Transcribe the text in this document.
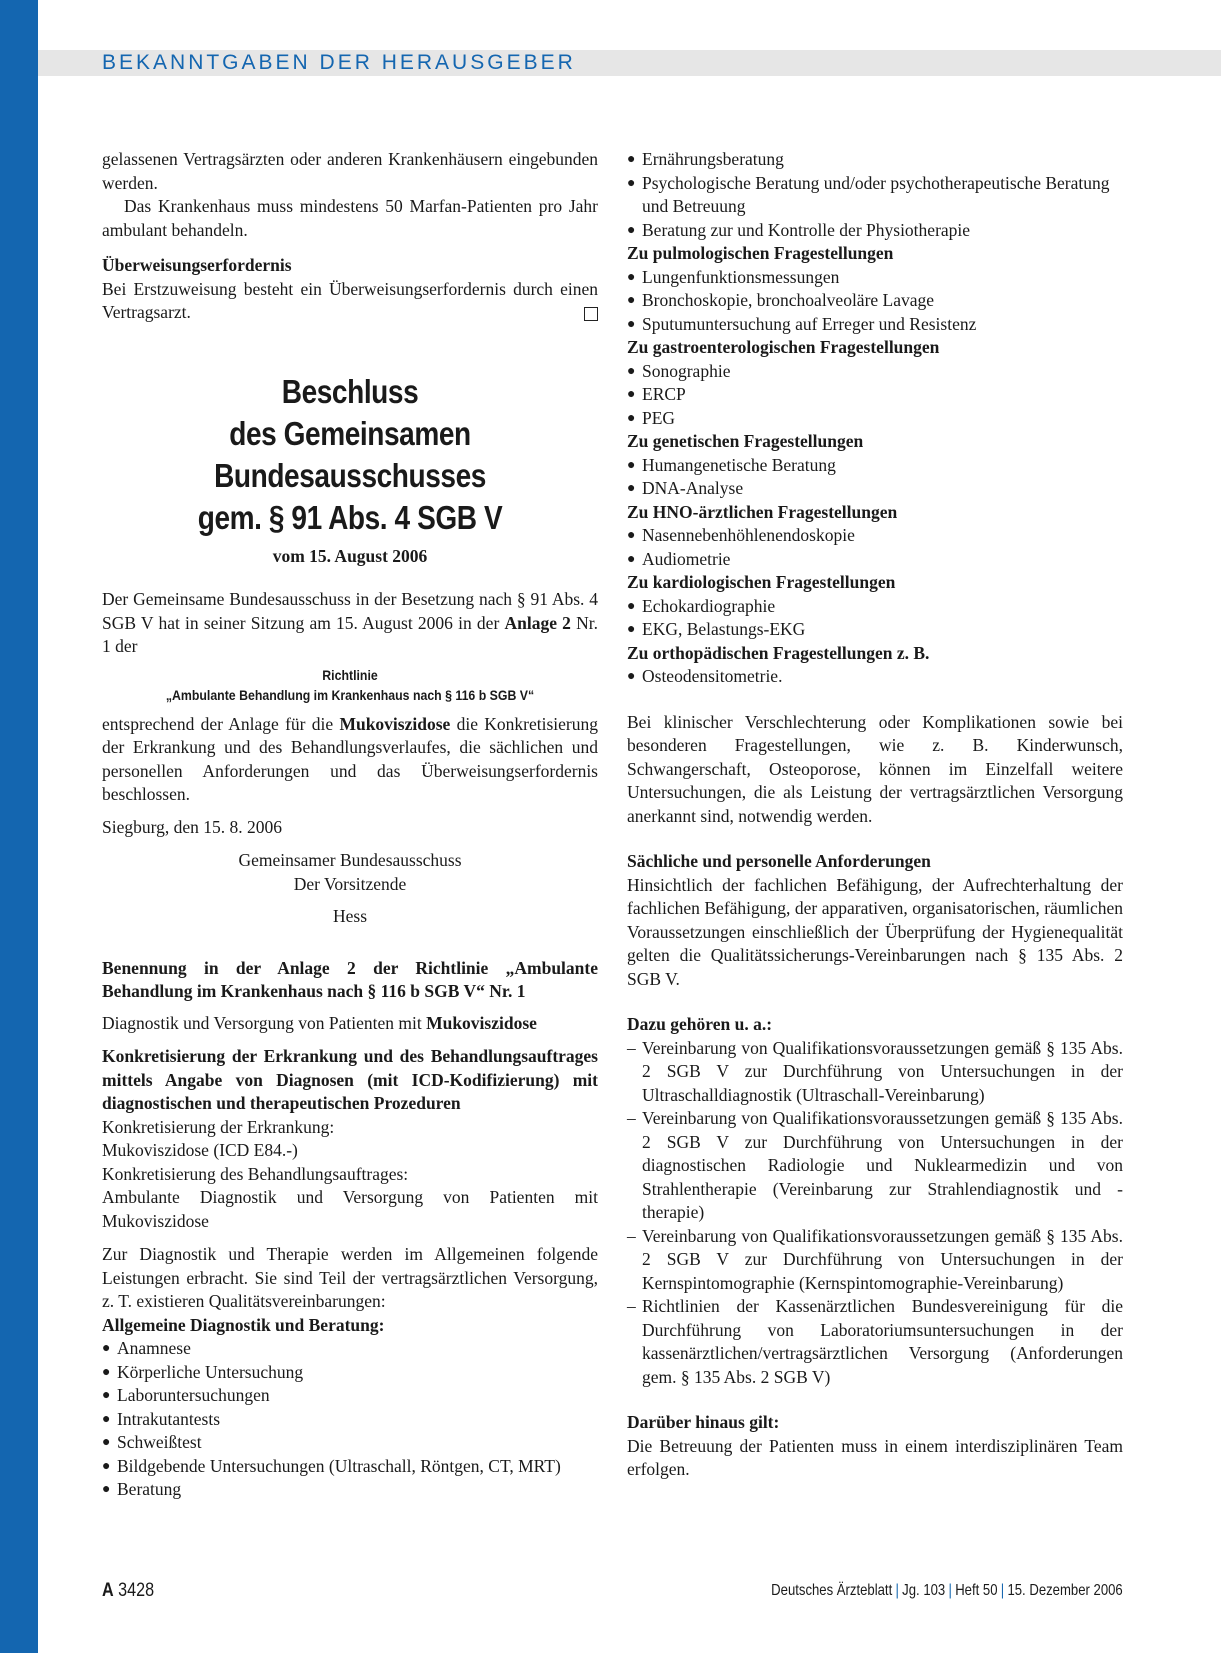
BEKANNTGABEN DER HERAUSGEBER

gelassenen Vertragsärzten oder anderen Krankenhäusern eingebunden werden.

Das Krankenhaus muss mindestens 50 Marfan-Patienten pro Jahr ambulant behandeln.

Überweisungserfordernis

Bei Erstzuweisung besteht ein Überweisungserfordernis durch einen Vertragsarzt.

Beschluss
des Gemeinsamen Bundesausschusses
gem. § 91 Abs. 4 SGB V

vom 15. August 2006

Der Gemeinsame Bundesausschuss in der Besetzung nach § 91 Abs. 4 SGB V hat in seiner Sitzung am 15. August 2006 in der Anlage 2 Nr. 1 der

Richtlinie
„Ambulante Behandlung im Krankenhaus nach § 116 b SGB V“

entsprechend der Anlage für die Mukoviszidose die Konkretisierung der Erkrankung und des Behandlungsverlaufes, die sächlichen und personellen Anforderungen und das Überweisungserfordernis beschlossen.

Siegburg, den 15. 8. 2006

Gemeinsamer Bundesausschuss

Der Vorsitzende

Hess

Benennung in der Anlage 2 der Richtlinie „Ambulante Behandlung im Krankenhaus nach § 116 b SGB V“ Nr. 1

Diagnostik und Versorgung von Patienten mit Mukoviszidose

Konkretisierung der Erkrankung und des Behandlungsauftrages mittels Angabe von Diagnosen (mit ICD-Kodifizierung) mit diagnostischen und therapeutischen Prozeduren

Konkretisierung der Erkrankung:

Mukoviszidose (ICD E84.-)

Konkretisierung des Behandlungsauftrages:

Ambulante Diagnostik und Versorgung von Patienten mit Mukoviszidose

Zur Diagnostik und Therapie werden im Allgemeinen folgende Leistungen erbracht. Sie sind Teil der vertragsärztlichen Versorgung, z. T. existieren Qualitätsvereinbarungen:

Allgemeine Diagnostik und Beratung:

● Anamnese
● Körperliche Untersuchung
● Laboruntersuchungen
● Intrakutantests
● Schweißtest
● Bildgebende Untersuchungen (Ultraschall, Röntgen, CT, MRT)
● Beratung
● Ernährungsberatung
● Psychologische Beratung und/oder psychotherapeutische Beratung und Betreuung
● Beratung zur und Kontrolle der Physiotherapie

Zu pulmologischen Fragestellungen

● Lungenfunktionsmessungen
● Bronchoskopie, bronchoalveoläre Lavage
● Sputumuntersuchung auf Erreger und Resistenz

Zu gastroenterologischen Fragestellungen

● Sonographie
● ERCP
● PEG

Zu genetischen Fragestellungen

● Humangenetische Beratung
● DNA-Analyse

Zu HNO-ärztlichen Fragestellungen

● Nasennebenhöhlenendoskopie
● Audiometrie

Zu kardiologischen Fragestellungen

● Echokardiographie
● EKG, Belastungs-EKG

Zu orthopädischen Fragestellungen z. B.

● Osteodensitometrie.

Bei klinischer Verschlechterung oder Komplikationen sowie bei besonderen Fragestellungen, wie z. B. Kinderwunsch, Schwangerschaft, Osteoporose, können im Einzelfall weitere Untersuchungen, die als Leistung der vertragsärztlichen Versorgung anerkannt sind, notwendig werden.

Sächliche und personelle Anforderungen

Hinsichtlich der fachlichen Befähigung, der Aufrechterhaltung der fachlichen Befähigung, der apparativen, organisatorischen, räumlichen Voraussetzungen einschließlich der Überprüfung der Hygienequalität gelten die Qualitätssicherungs-Vereinbarungen nach § 135 Abs. 2 SGB V.

Dazu gehören u. a.:

– Vereinbarung von Qualifikationsvoraussetzungen gemäß § 135 Abs. 2 SGB V zur Durchführung von Untersuchungen in der Ultraschalldiagnostik (Ultraschall-Vereinbarung)
– Vereinbarung von Qualifikationsvoraussetzungen gemäß § 135 Abs. 2 SGB V zur Durchführung von Untersuchungen in der diagnostischen Radiologie und Nuklearmedizin und von Strahlentherapie (Vereinbarung zur Strahlendiagnostik und -therapie)
– Vereinbarung von Qualifikationsvoraussetzungen gemäß § 135 Abs. 2 SGB V zur Durchführung von Untersuchungen in der Kernspintomographie (Kernspintomographie-Vereinbarung)
– Richtlinien der Kassenärztlichen Bundesvereinigung für die Durchführung von Laboratoriumsuntersuchungen in der kassenärztlichen/vertragsärztlichen Versorgung (Anforderungen gem. § 135 Abs. 2 SGB V)

Darüber hinaus gilt:

Die Betreuung der Patienten muss in einem interdisziplinären Team erfolgen.

A 3428	Deutsches Ärzteblatt | Jg. 103 | Heft 50 | 15. Dezember 2006
